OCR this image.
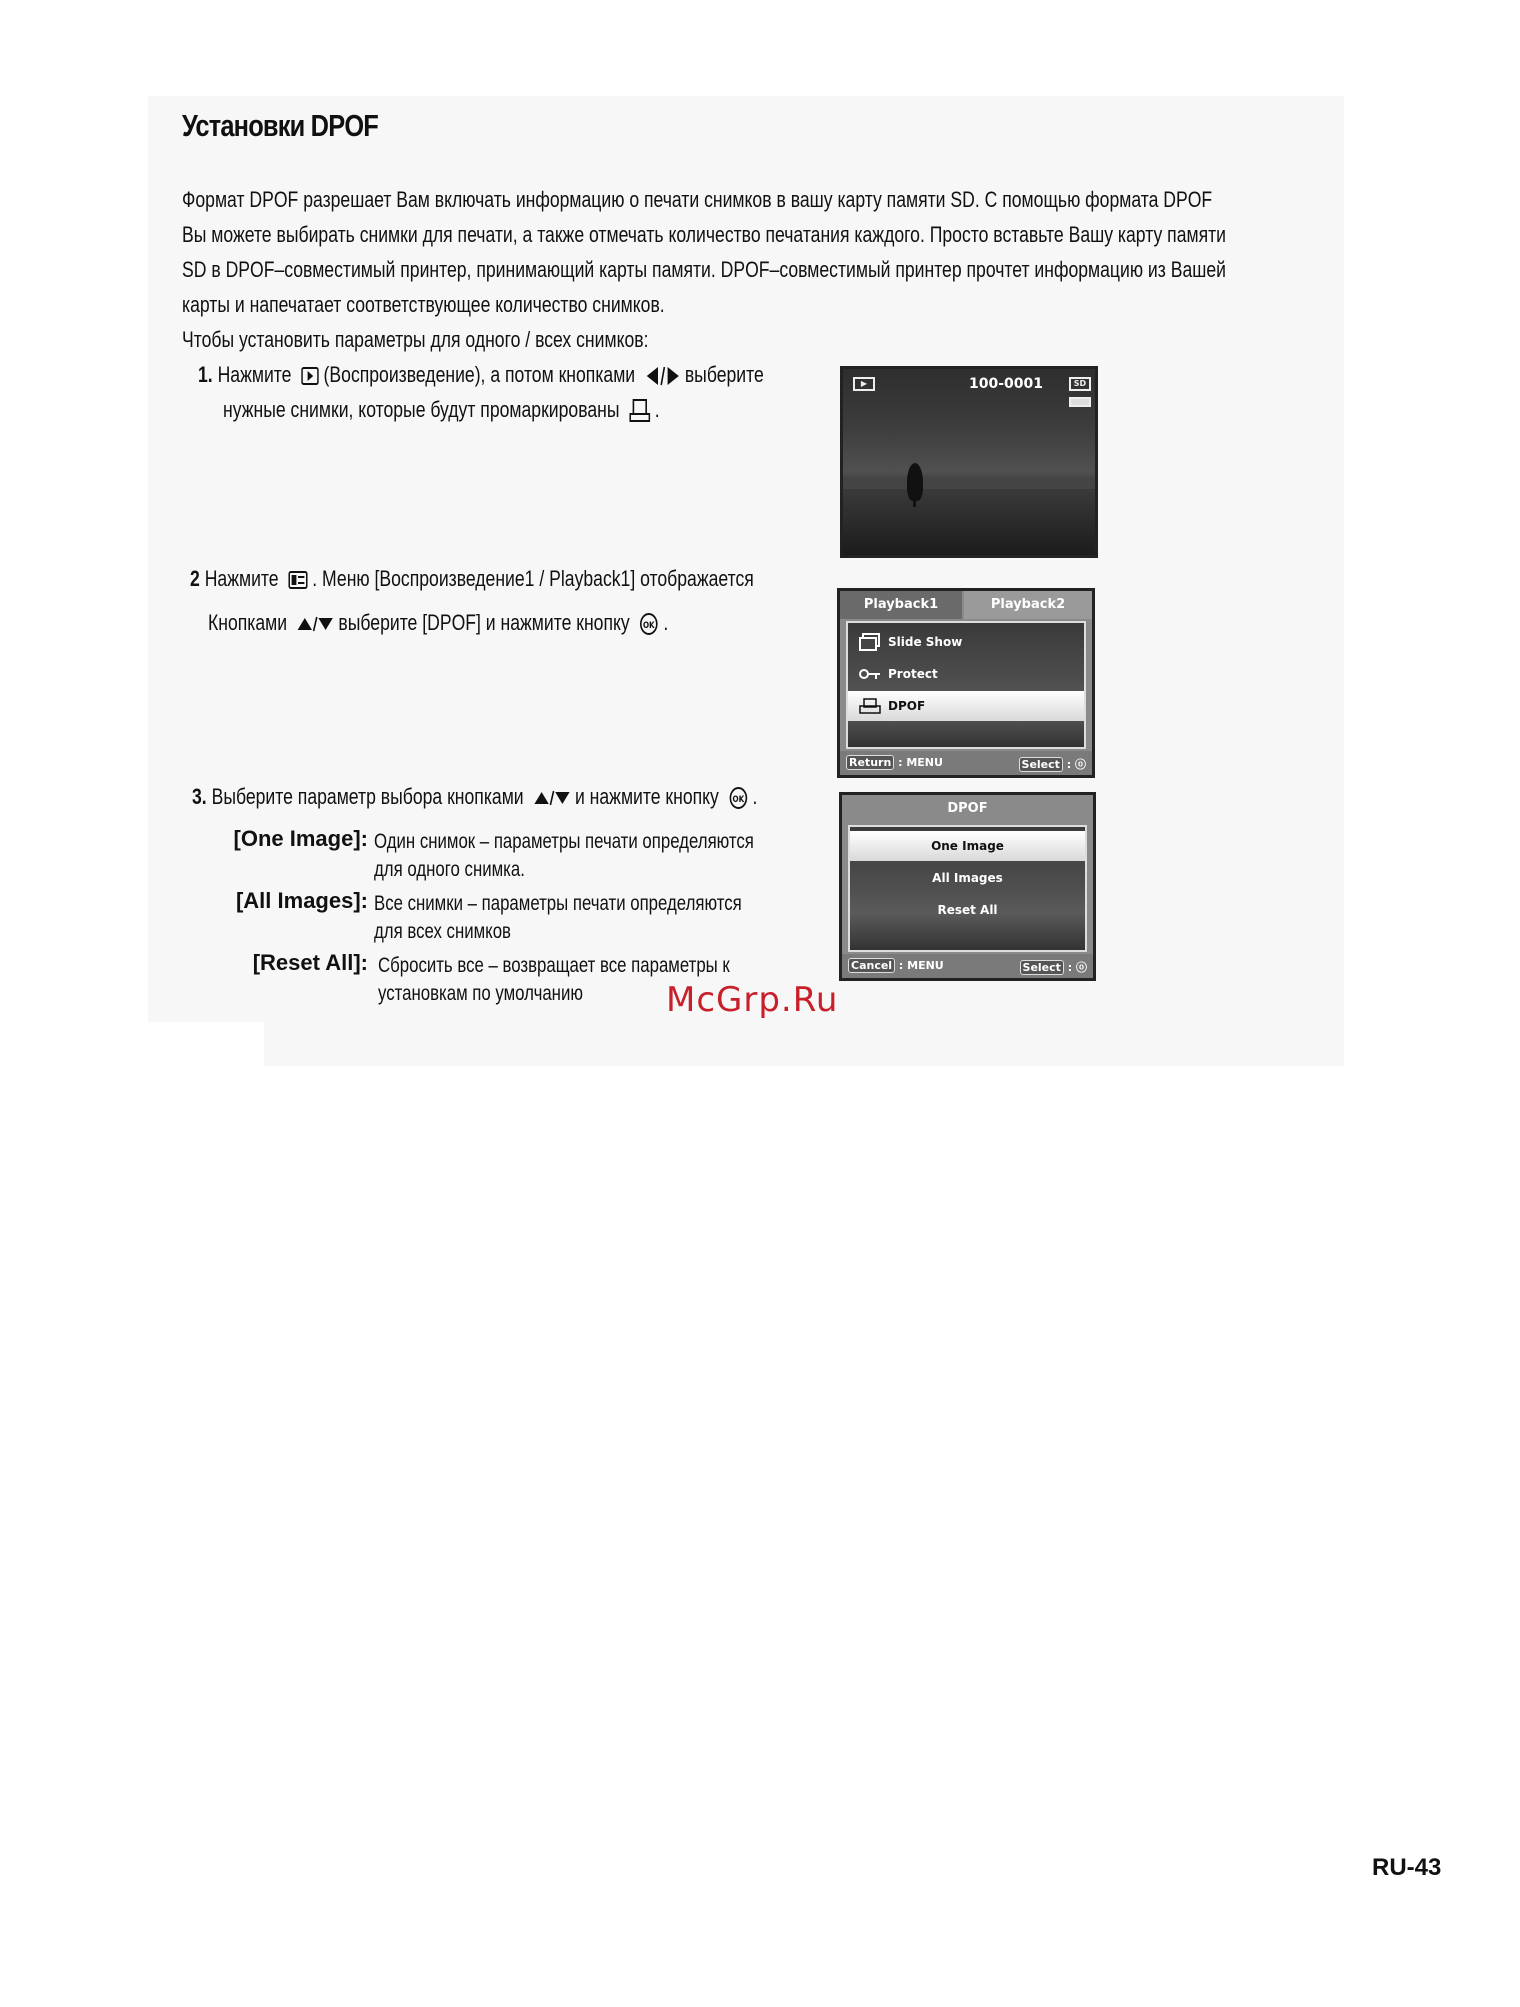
Установки DPOF

Формат DPOF разрешает Вам включать информацию о печати снимков в вашу карту памяти SD. С помощью формата DPOF
Вы можете выбирать снимки для печати, а также отмечать количество печатания каждого. Просто вставьте Вашу карту памяти
SD в DPOF–совместимый принтер, принимающий карты памяти. DPOF–совместимый принтер прочтет информацию из Вашей
карты и напечатает соответствующее количество снимков.
Чтобы установить параметры для одного / всех снимков:

1. Нажмите (Воспроизведение), а потом кнопками выберите
нужные снимки, которые будут промаркированы .
2 Нажмите . Меню [Воспроизведение1 / Playback1] отображается
Кнопками выберите [DPOF] и нажмите кнопку OK .
3. Выберите параметр выбора кнопками и нажмите кнопку OK .
[One Image]: Один снимок – параметры печати определяются
для одного снимка.
[All Images]: Все снимки – параметры печати определяются
для всех снимков
[Reset All]: Сбросить все – возвращает все параметры к
установкам по умолчанию
▶	100-0001	SD
Playback1	Playback2
Slide Show
Protect
DPOF
Return : MENU	Select : ⓞ
DPOF
One Image
All Images
Reset All
Cancel : MENU	Select : ⓞ
McGrp.Ru
RU-43
